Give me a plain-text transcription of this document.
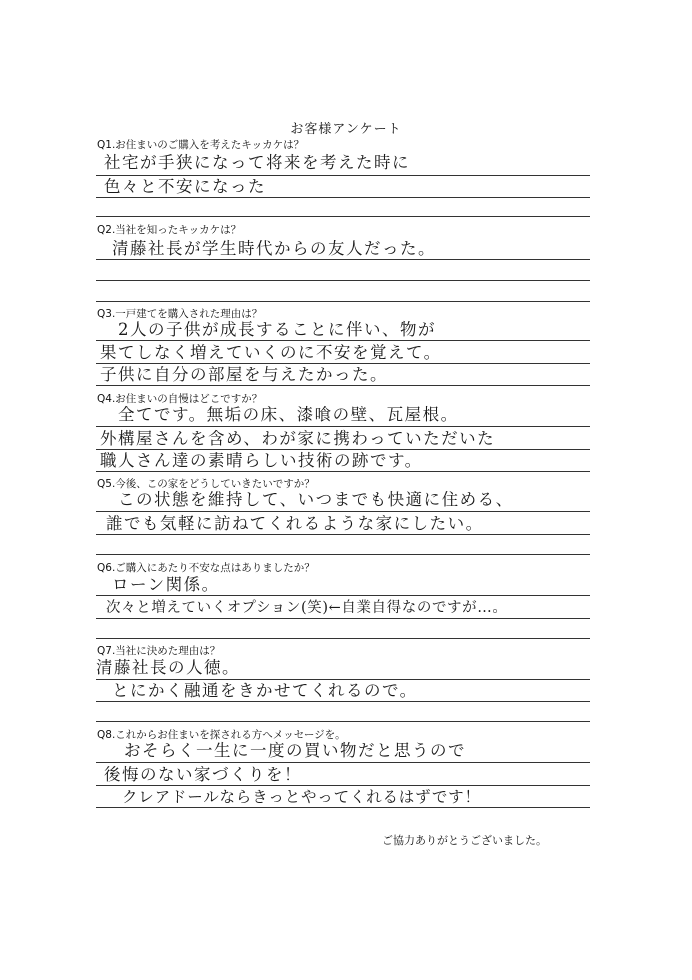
お客様アンケート
Q1.お住まいのご購入を考えたキッカケは？
社宅が手狭になって将来を考えた時に
色々と不安になった
Q2.当社を知ったキッカケは？
清藤社長が学生時代からの友人だった。
Q3.一戸建てを購入された理由は？
2人の子供が成長することに伴い、物が
果てしなく増えていくのに不安を覚えて。
子供に自分の部屋を与えたかった。
Q4.お住まいの自慢はどこですか？
全てです。無垢の床、漆喰の壁、瓦屋根。
外構屋さんを含め、わが家に携わっていただいた
職人さん達の素晴らしい技術の跡です。
Q5.今後、この家をどうしていきたいですか？
この状態を維持して、いつまでも快適に住める、
誰でも気軽に訪ねてくれるような家にしたい。
Q6.ご購入にあたり不安な点はありましたか？
ローン関係。
次々と増えていくオプション(笑)←自業自得なのですが…。
Q7.当社に決めた理由は？
清藤社長の人徳。
とにかく融通をきかせてくれるので。
Q8.これからお住まいを探される方へメッセージを。
おそらく一生に一度の買い物だと思うので
後悔のない家づくりを！
クレアドールならきっとやってくれるはずです！
ご協力ありがとうございました。
